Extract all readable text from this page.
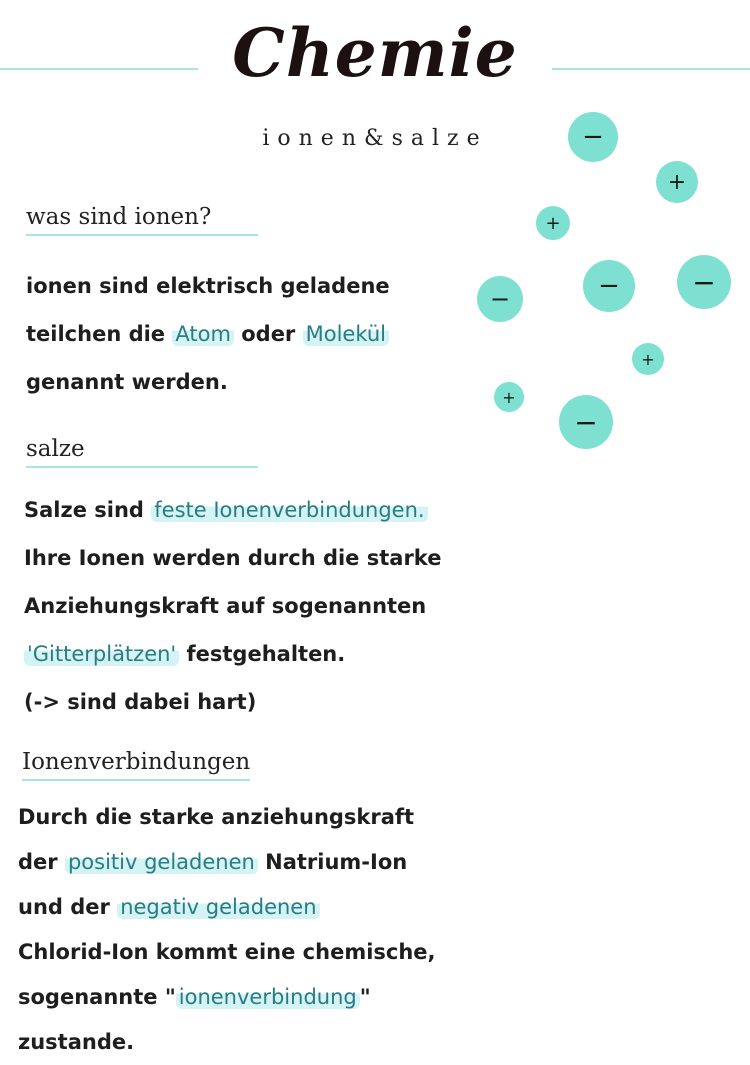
Chemie
ionen&salze	−
+
+
−	−
−
+
+
−
was sind ionen?
ionen sind elektrisch geladene
teilchen die Atom oder Molekül
genannt werden.
salze
Salze sind feste Ionenverbindungen.
Ihre Ionen werden durch die starke
Anziehungskraft auf sogenannten
'Gitterplätzen' festgehalten.
(-> sind dabei hart)
Ionenverbindungen
Durch die starke anziehungskraft
der positiv geladenen Natrium-Ion
und der negativ geladenen
Chlorid-Ion kommt eine chemische,
sogenannte " ionenverbindung "
zustande.
